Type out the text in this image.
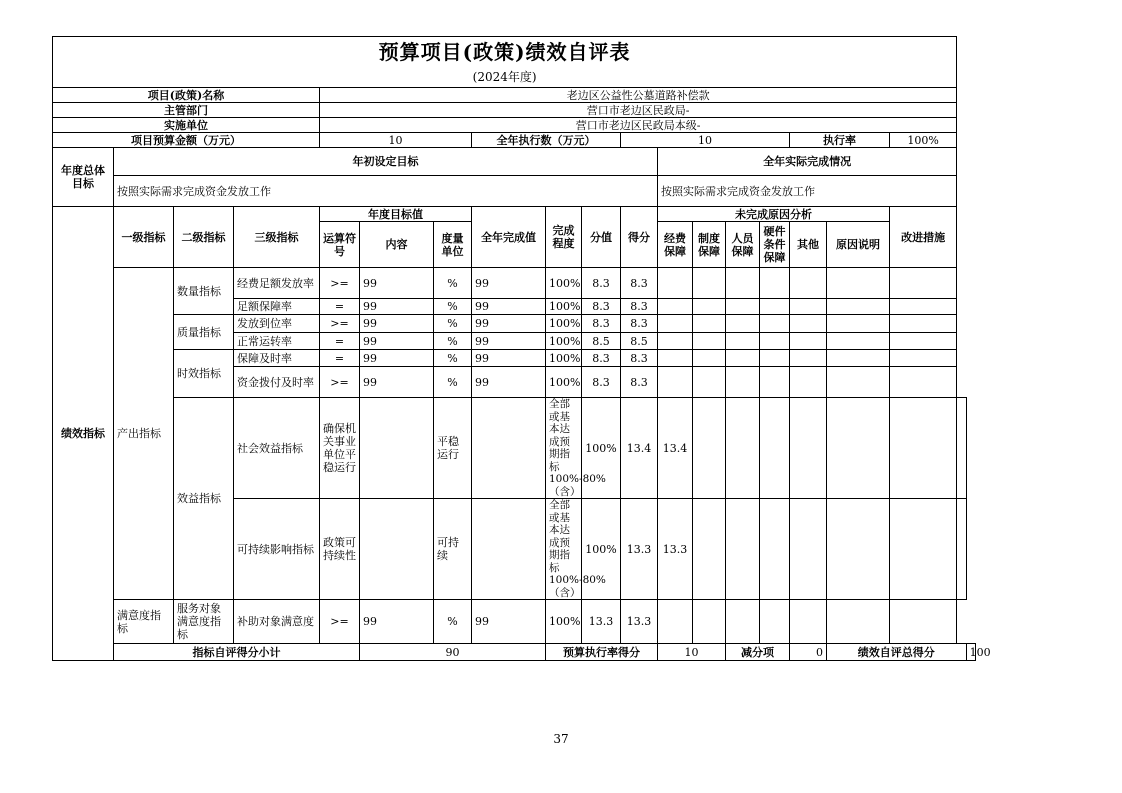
预算项目(政策)绩效自评表																			
(2024年度)																			
项目(政策)名称				老边区公益性公墓道路补偿款															
主管部门				营口市老边区民政局-															
实施单位				营口市老边区民政局本级-															
项目预算金额（万元）				10			全年执行数（万元）			10					执行率		100%		
年度总体目标	年初设定目标										全年实际完成情况								
	按照实际需求完成资金发放工作										按照实际需求完成资金发放工作								
绩效指标	一级指标	二级指标	三级指标	年度目标值			全年完成值	完成程度	分值	得分	未完成原因分析						改进措施		
				运算符号	内容	度量单位					经费保障	制度保障	人员保障	硬件条件保障	其他	原因说明			
	产出指标	数量指标	经费足额发放率	>=	99	%	99	100%	8.3	8.3									
			足额保障率	=	99	%	99	100%	8.3	8.3									
		质量指标	发放到位率	>=	99	%	99	100%	8.3	8.3									
			正常运转率	=	99	%	99	100%	8.5	8.5									
		时效指标	保障及时率	=	99	%	99	100%	8.3	8.3									
			资金拨付及时率	>=	99	%	99	100%	8.3	8.3									
		效益指标	社会效益指标	确保机关事业单位平稳运行		平稳运行		全部或基本达成预期指标100%-80%（含）	100%	13.4	13.4								
			可持续影响指标	政策可持续性		可持续		全部或基本达成预期指标100%-80%（含）	100%	13.3	13.3								
	满意度指标	服务对象满意度指标	补助对象满意度	>=	99	%	99	100%	13.3	13.3									
	指标自评得分小计				90			预算执行率得分			10		减分项		0	绩效自评总得分			100
37
